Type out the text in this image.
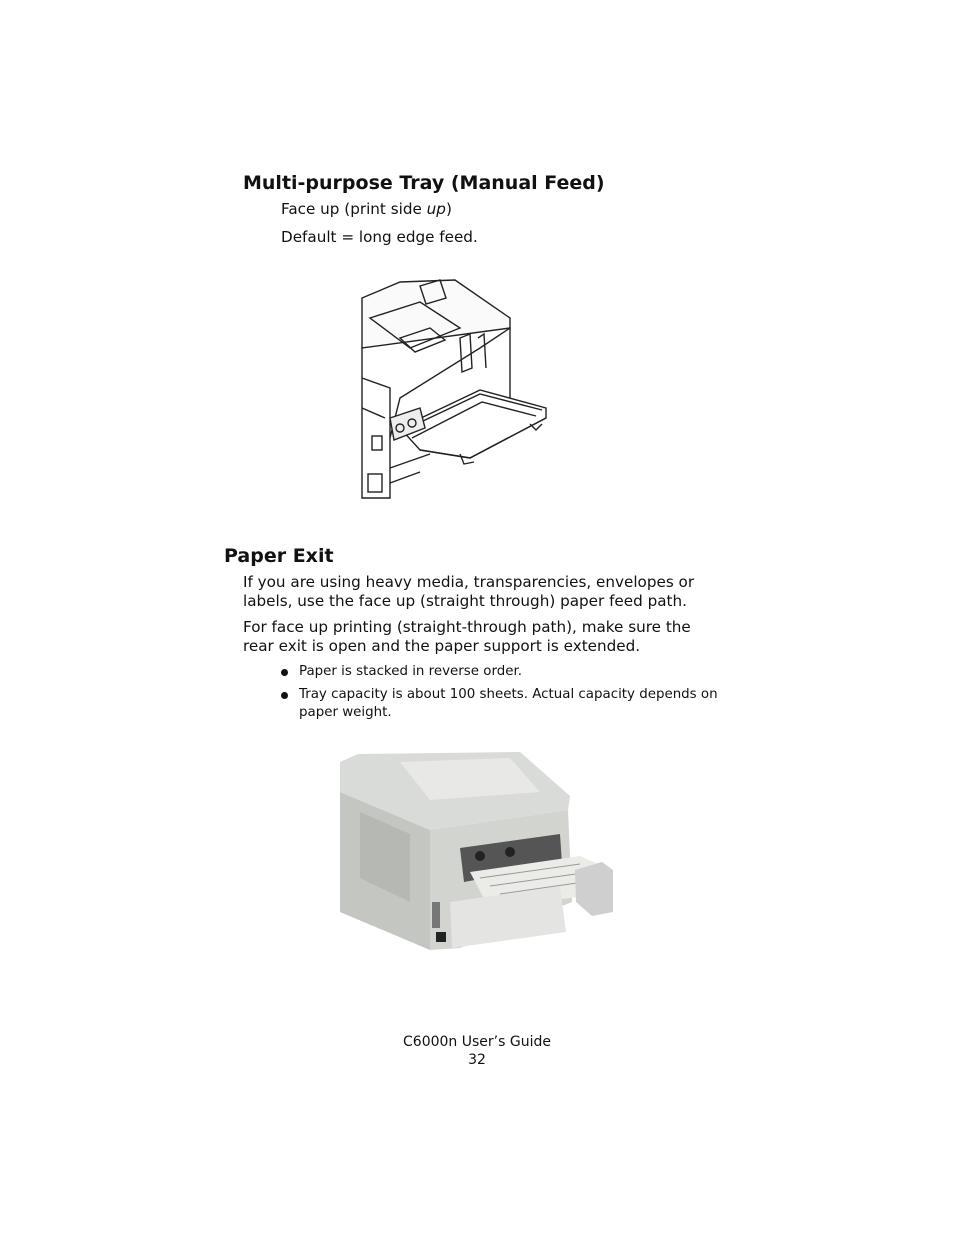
Multi-purpose Tray (Manual Feed)

Face up (print side up)

Default = long edge feed.

Paper Exit

If you are using heavy media, transparencies, envelopes or labels, use the face up (straight through) paper feed path.

For face up printing (straight-through path), make sure the rear exit is open and the paper support is extended.

Paper is stacked in reverse order.
Tray capacity is about 100 sheets. Actual capacity depends on paper weight.
C6000n User’s Guide
32
